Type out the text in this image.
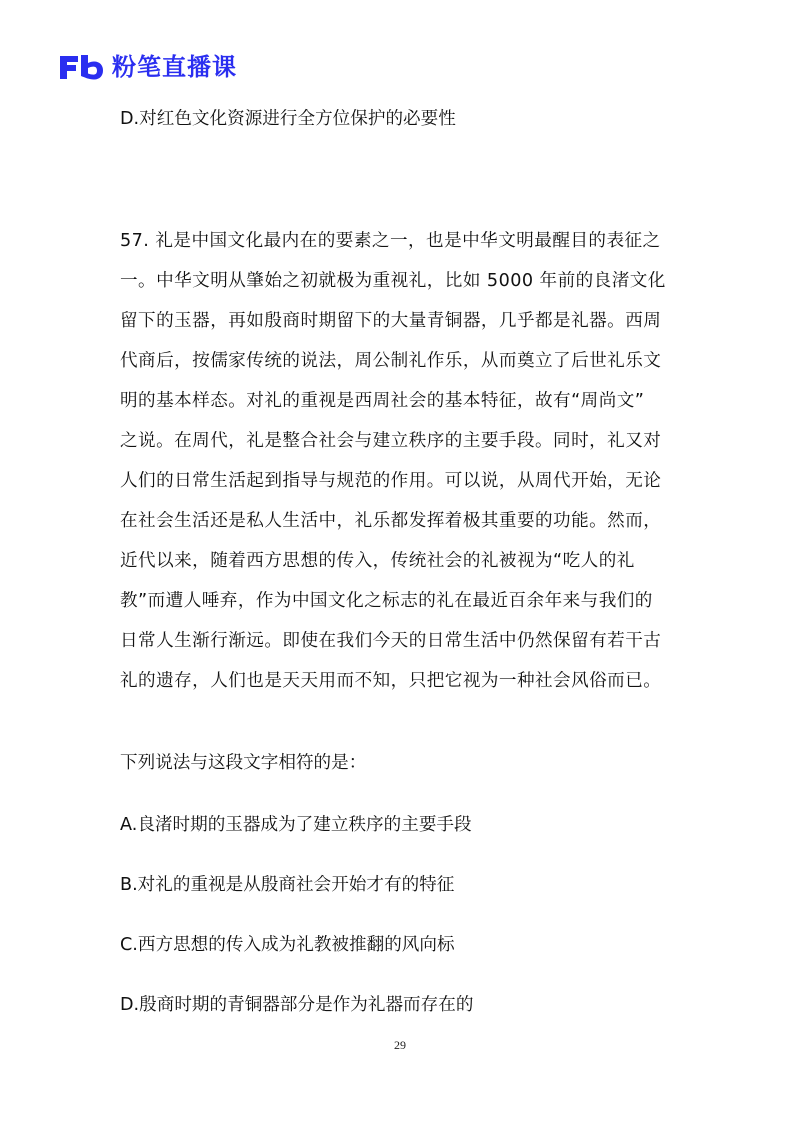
粉笔直播课
D.对红色文化资源进行全方位保护的必要性
57. 礼是中国文化最内在的要素之一，也是中华文明最醒目的表征之
一。中华文明从肇始之初就极为重视礼，比如 5000 年前的良渚文化
留下的玉器，再如殷商时期留下的大量青铜器，几乎都是礼器。西周
代商后，按儒家传统的说法，周公制礼作乐，从而奠立了后世礼乐文
明的基本样态。对礼的重视是西周社会的基本特征，故有“周尚文”
之说。在周代，礼是整合社会与建立秩序的主要手段。同时，礼又对
人们的日常生活起到指导与规范的作用。可以说，从周代开始，无论
在社会生活还是私人生活中，礼乐都发挥着极其重要的功能。然而，
近代以来，随着西方思想的传入，传统社会的礼被视为“吃人的礼
教”而遭人唾弃，作为中国文化之标志的礼在最近百余年来与我们的
日常人生渐行渐远。即使在我们今天的日常生活中仍然保留有若干古
礼的遗存，人们也是天天用而不知，只把它视为一种社会风俗而已。
下列说法与这段文字相符的是：
A.良渚时期的玉器成为了建立秩序的主要手段
B.对礼的重视是从殷商社会开始才有的特征
C.西方思想的传入成为礼教被推翻的风向标
D.殷商时期的青铜器部分是作为礼器而存在的
29
